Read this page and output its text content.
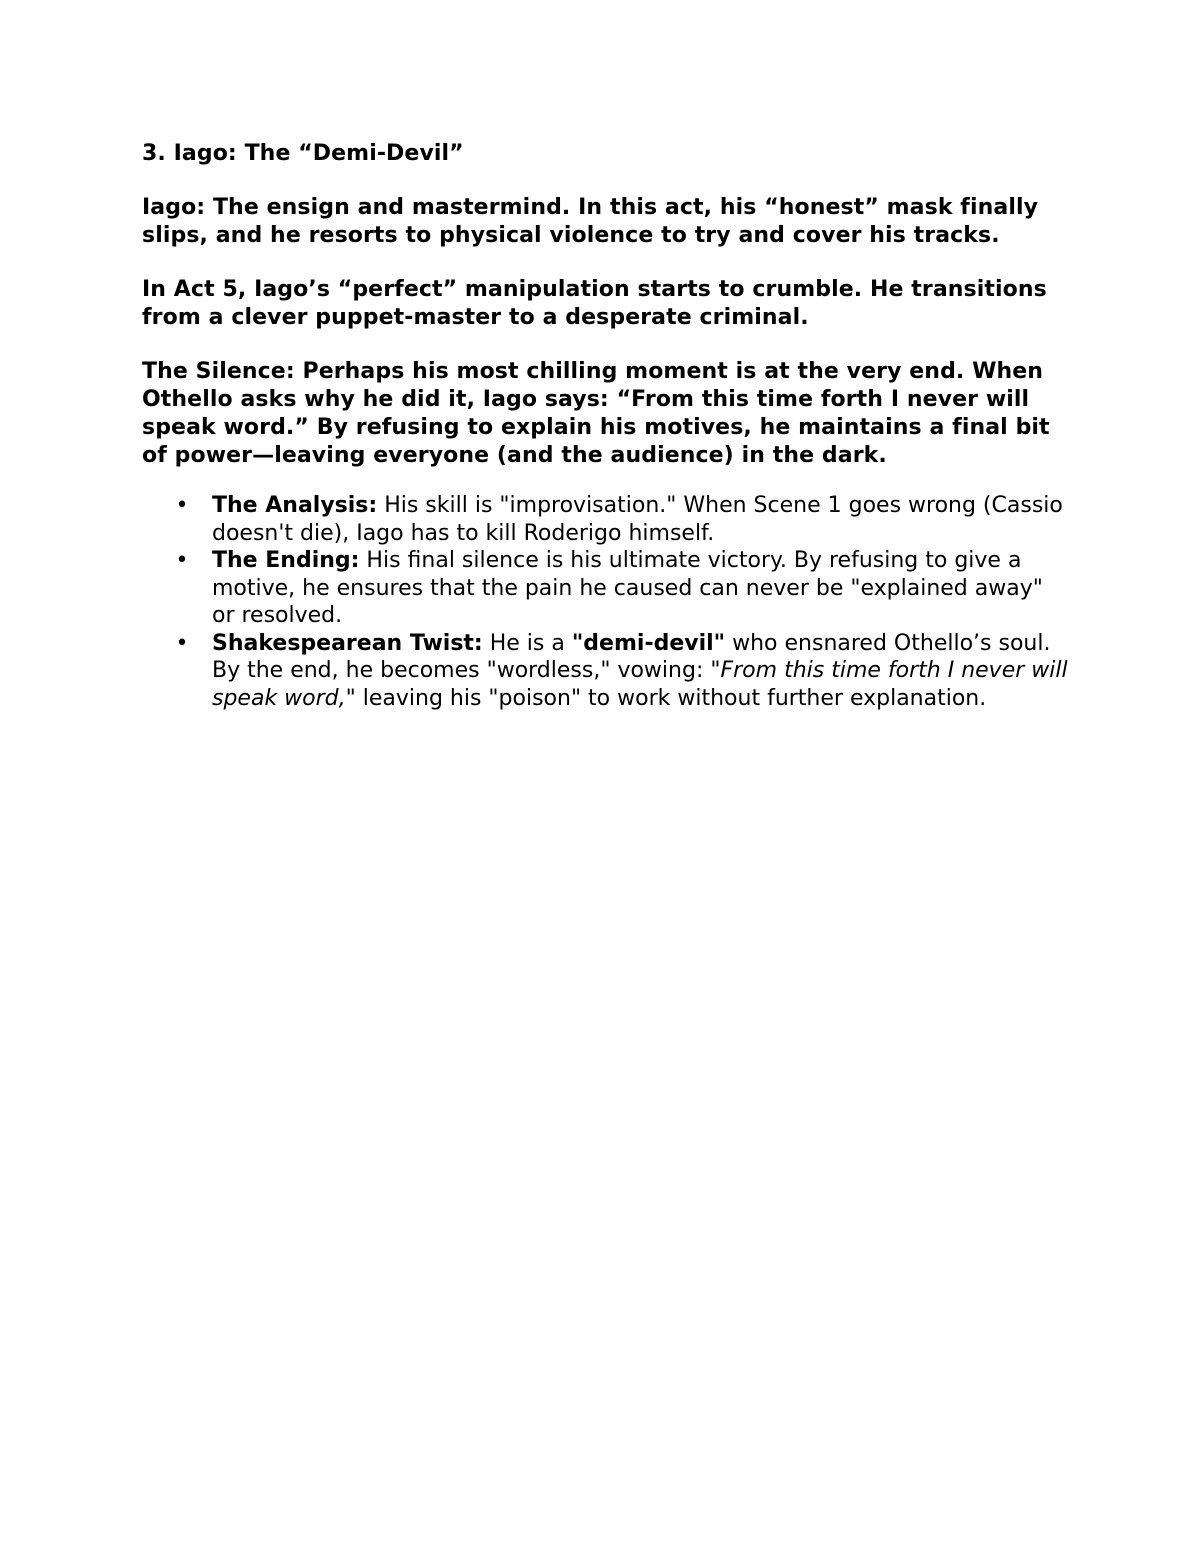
3. Iago: The “Demi-Devil”

Iago: The ensign and mastermind. In this act, his “honest” mask finally slips, and he resorts to physical violence to try and cover his tracks.

In Act 5, Iago’s “perfect” manipulation starts to crumble. He transitions from a clever puppet-master to a desperate criminal.

The Silence: Perhaps his most chilling moment is at the very end. When Othello asks why he did it, Iago says: “From this time forth I never will speak word.” By refusing to explain his motives, he maintains a final bit of power—leaving everyone (and the audience) in the dark.

• The Analysis: His skill is "improvisation." When Scene 1 goes wrong (Cassio doesn't die), Iago has to kill Roderigo himself.
• The Ending: His final silence is his ultimate victory. By refusing to give a motive, he ensures that the pain he caused can never be "explained away" or resolved.
• Shakespearean Twist: He is a "demi-devil" who ensnared Othello’s soul. By the end, he becomes "wordless," vowing: "From this time forth I never will speak word," leaving his "poison" to work without further explanation.
